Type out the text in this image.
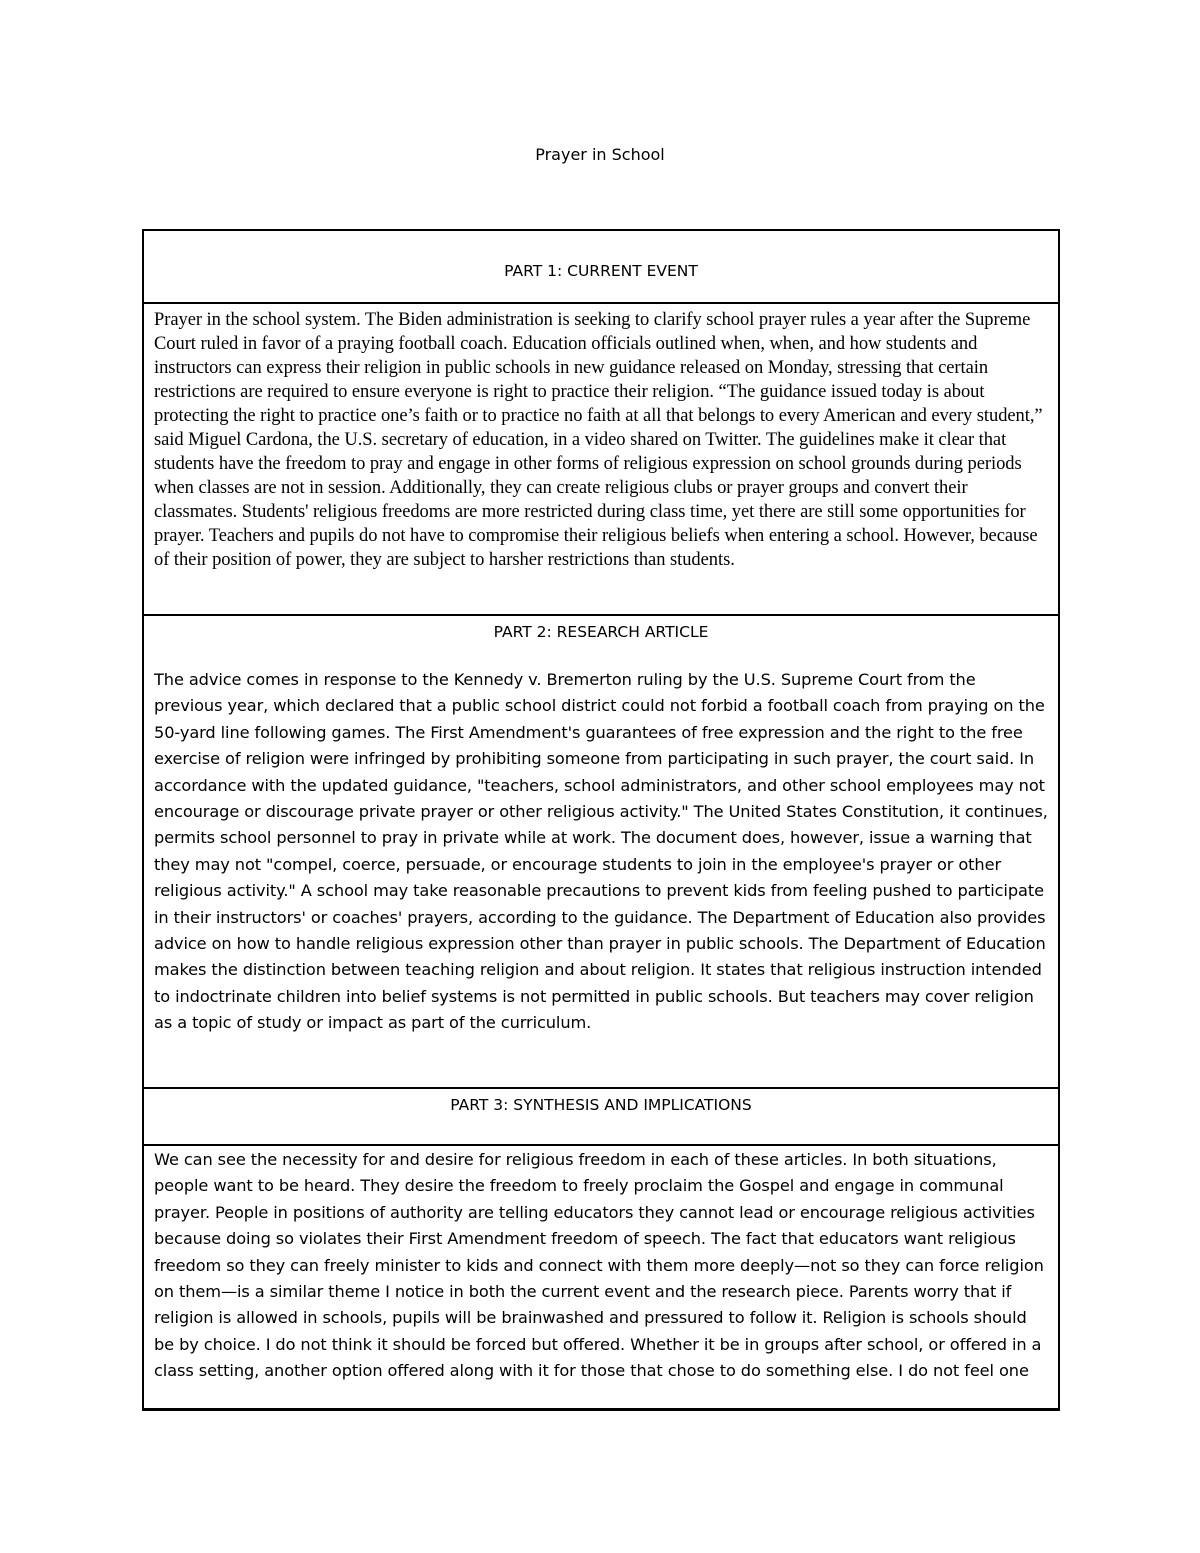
Prayer in School
PART 1: CURRENT EVENT
Prayer in the school system. The Biden administration is seeking to clarify school prayer rules a year after the Supreme Court ruled in favor of a praying football coach. Education officials outlined when, when, and how students and instructors can express their religion in public schools in new guidance released on Monday, stressing that certain restrictions are required to ensure everyone is right to practice their religion. “The guidance issued today is about protecting the right to practice one’s faith or to practice no faith at all that belongs to every American and every student,” said Miguel Cardona, the U.S. secretary of education, in a video shared on Twitter. The guidelines make it clear that students have the freedom to pray and engage in other forms of religious expression on school grounds during periods when classes are not in session. Additionally, they can create religious clubs or prayer groups and convert their classmates. Students' religious freedoms are more restricted during class time, yet there are still some opportunities for prayer. Teachers and pupils do not have to compromise their religious beliefs when entering a school. However, because of their position of power, they are subject to harsher restrictions than students.
PART 2: RESEARCH ARTICLE
The advice comes in response to the Kennedy v. Bremerton ruling by the U.S. Supreme Court from the previous year, which declared that a public school district could not forbid a football coach from praying on the 50-yard line following games. The First Amendment's guarantees of free expression and the right to the free exercise of religion were infringed by prohibiting someone from participating in such prayer, the court said. In accordance with the updated guidance, "teachers, school administrators, and other school employees may not encourage or discourage private prayer or other religious activity." The United States Constitution, it continues, permits school personnel to pray in private while at work. The document does, however, issue a warning that they may not "compel, coerce, persuade, or encourage students to join in the employee's prayer or other religious activity." A school may take reasonable precautions to prevent kids from feeling pushed to participate in their instructors' or coaches' prayers, according to the guidance. The Department of Education also provides advice on how to handle religious expression other than prayer in public schools. The Department of Education makes the distinction between teaching religion and about religion. It states that religious instruction intended to indoctrinate children into belief systems is not permitted in public schools. But teachers may cover religion as a topic of study or impact as part of the curriculum.
PART 3: SYNTHESIS AND IMPLICATIONS
We can see the necessity for and desire for religious freedom in each of these articles. In both situations, people want to be heard. They desire the freedom to freely proclaim the Gospel and engage in communal prayer. People in positions of authority are telling educators they cannot lead or encourage religious activities because doing so violates their First Amendment freedom of speech. The fact that educators want religious freedom so they can freely minister to kids and connect with them more deeply—not so they can force religion on them—is a similar theme I notice in both the current event and the research piece. Parents worry that if religion is allowed in schools, pupils will be brainwashed and pressured to follow it. Religion is schools should be by choice. I do not think it should be forced but offered. Whether it be in groups after school, or offered in a class setting, another option offered along with it for those that chose to do something else. I do not feel one
